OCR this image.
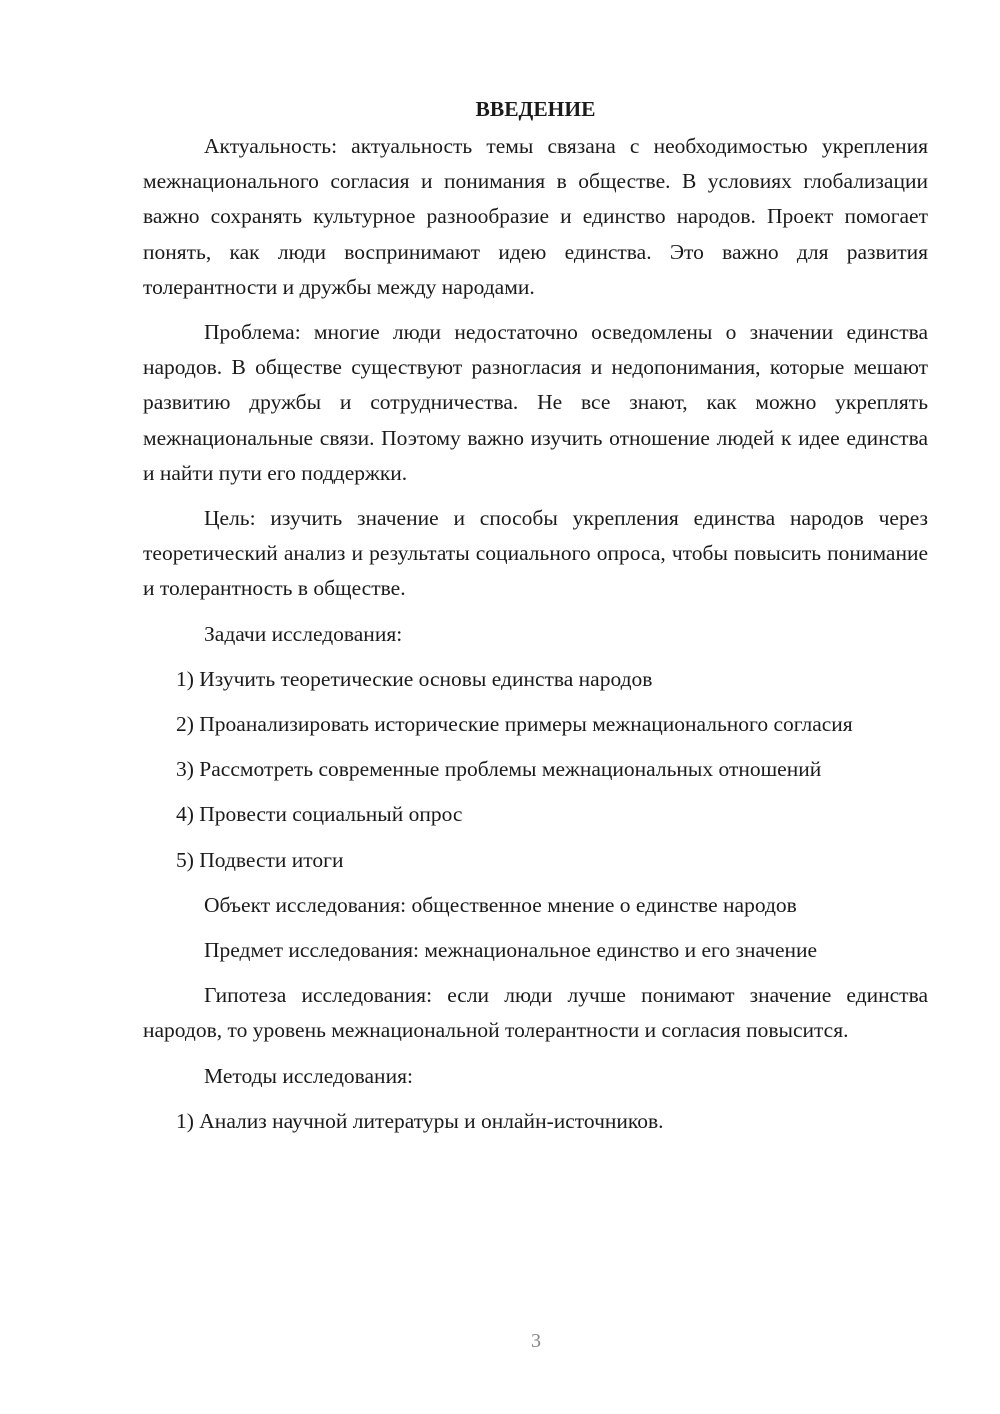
ВВЕДЕНИЕ

Актуальность: актуальность темы связана с необходимостью укрепления межнационального согласия и понимания в обществе. В условиях глобализации важно сохранять культурное разнообразие и единство народов. Проект помогает понять, как люди воспринимают идею единства. Это важно для развития толерантности и дружбы между народами.

Проблема: многие люди недостаточно осведомлены о значении единства народов. В обществе существуют разногласия и недопонимания, которые мешают развитию дружбы и сотрудничества. Не все знают, как можно укреплять межнациональные связи. Поэтому важно изучить отношение людей к идее единства и найти пути его поддержки.

Цель: изучить значение и способы укрепления единства народов через теоретический анализ и результаты социального опроса, чтобы повысить понимание и толерантность в обществе.

Задачи исследования:

1) Изучить теоретические основы единства народов

2) Проанализировать исторические примеры межнационального согласия

3) Рассмотреть современные проблемы межнациональных отношений

4) Провести социальный опрос

5) Подвести итоги

Объект исследования: общественное мнение о единстве народов

Предмет исследования: межнациональное единство и его значение

Гипотеза исследования: если люди лучше понимают значение единства народов, то уровень межнациональной толерантности и согласия повысится.

Методы исследования:

1) Анализ научной литературы и онлайн-источников.

3
